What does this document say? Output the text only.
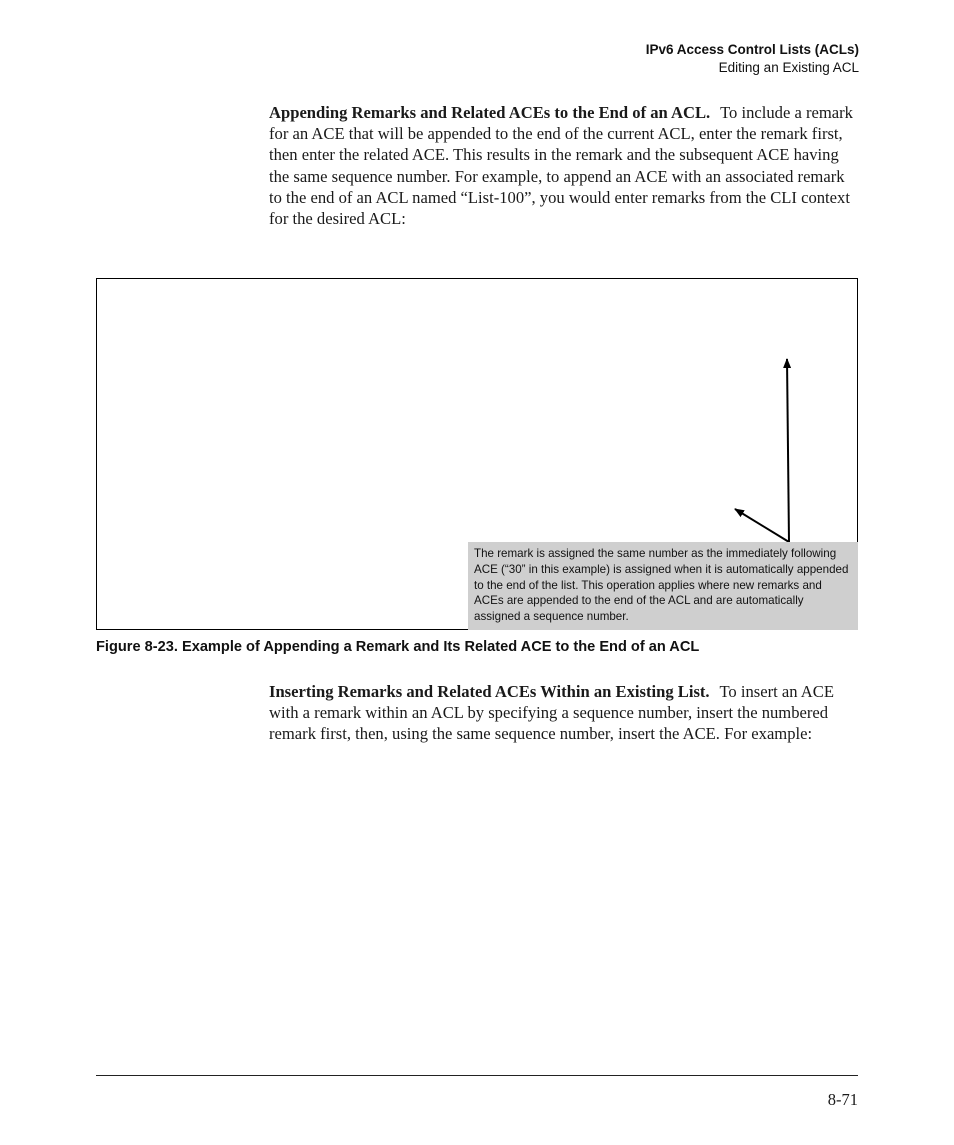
IPv6 Access Control Lists (ACLs)
Editing an Existing ACL
Appending Remarks and Related ACEs to the End of an ACL. To include a remark for an ACE that will be appended to the end of the current ACL, enter the remark first, then enter the related ACE. This results in the remark and the subsequent ACE having the same sequence number. For example, to append an ACE with an associated remark to the end of an ACL named “List-100”, you would enter remarks from the CLI context for the desired ACL:
The remark is assigned the same number as the immediately following ACE (“30” in this example) is assigned when it is automatically appended to the end of the list. This operation applies where new remarks and ACEs are appended to the end of the ACL and are automatically assigned a sequence number.
Figure 8-23. Example of Appending a Remark and Its Related ACE to the End of an ACL
Inserting Remarks and Related ACEs Within an Existing List. To insert an ACE with a remark within an ACL by specifying a sequence number, insert the numbered remark first, then, using the same sequence number, insert the ACE. For example:
8-71
